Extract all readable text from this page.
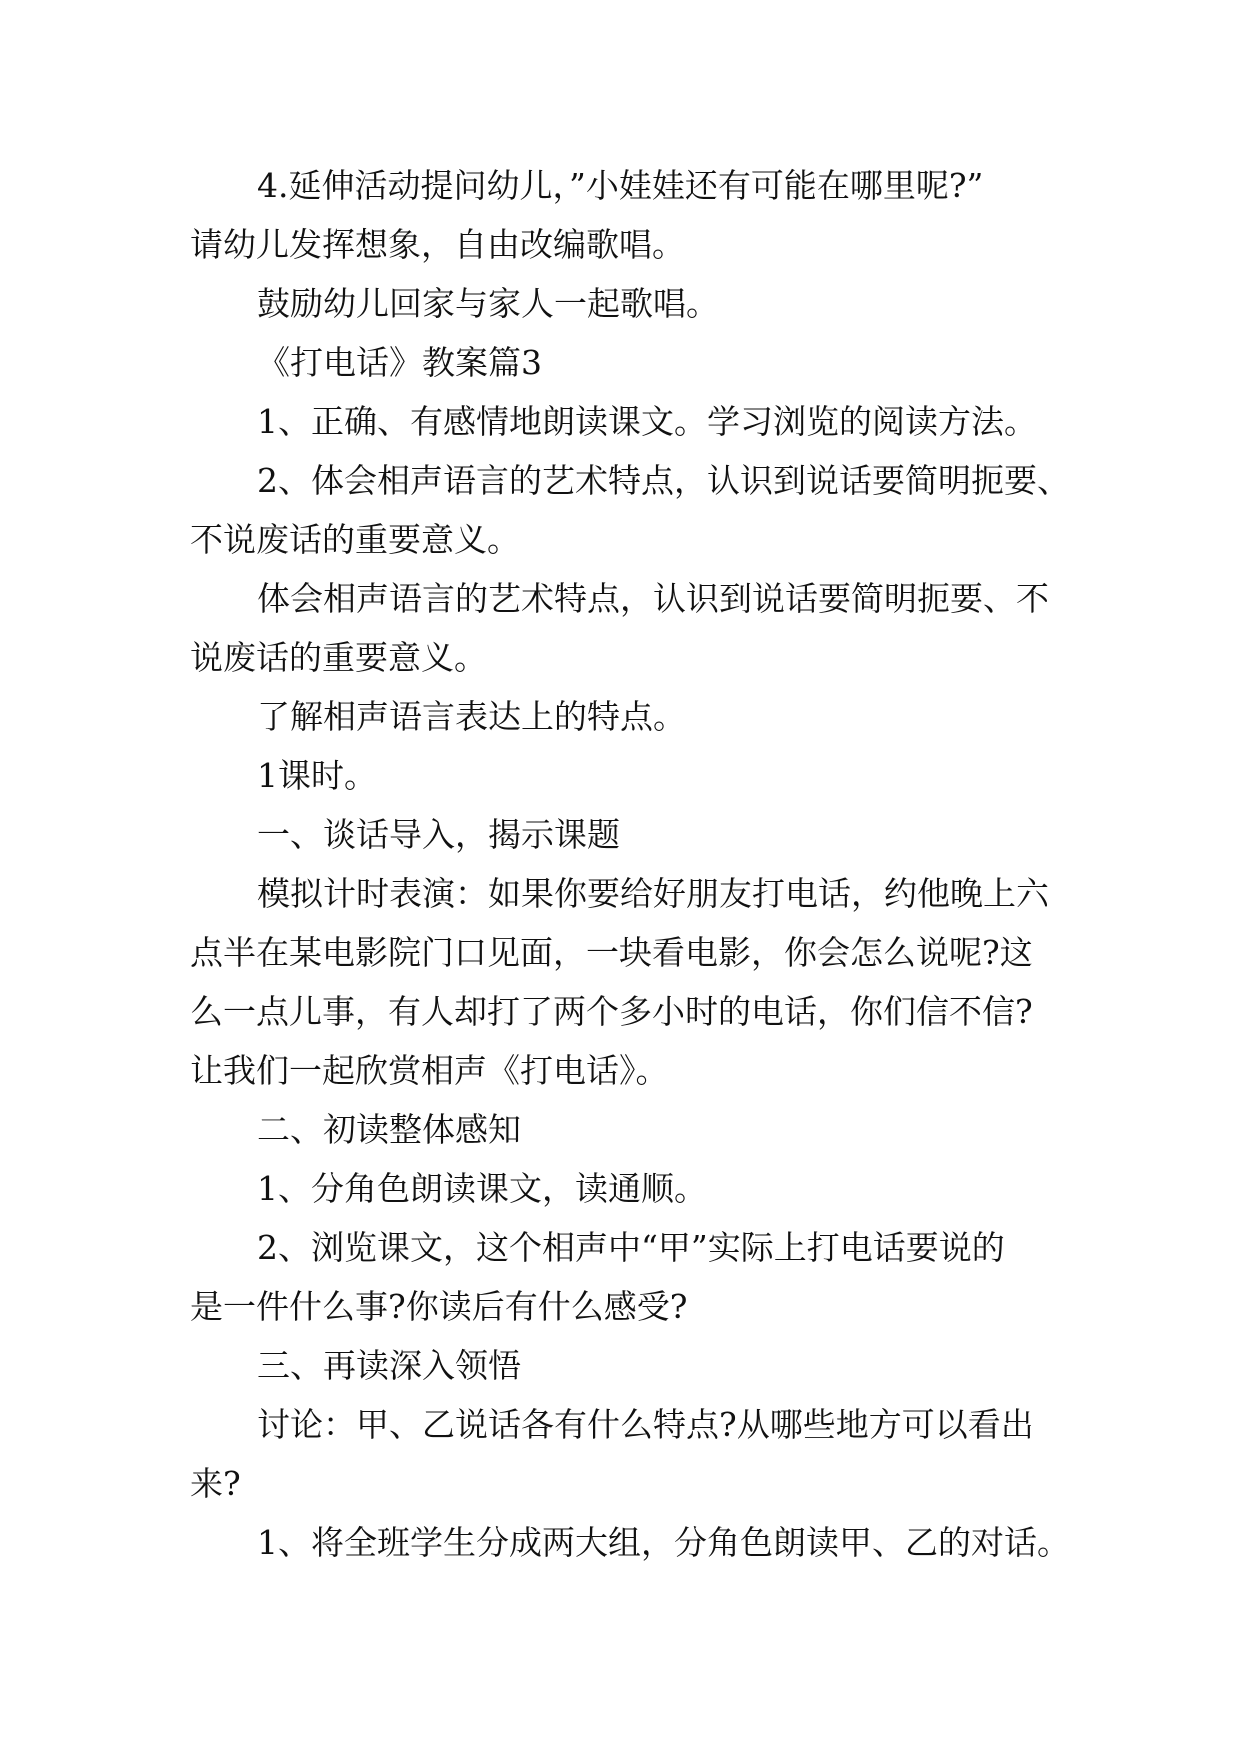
4.延伸活动提问幼儿，”小娃娃还有可能在哪里呢?”

请幼儿发挥想象，自由改编歌唱。

鼓励幼儿回家与家人一起歌唱。

《打电话》教案篇3

1、正确、有感情地朗读课文。学习浏览的阅读方法。

2、体会相声语言的艺术特点，认识到说话要简明扼要、

不说废话的重要意义。

体会相声语言的艺术特点，认识到说话要简明扼要、不

说废话的重要意义。

了解相声语言表达上的特点。

1课时。

一、谈话导入，揭示课题

模拟计时表演：如果你要给好朋友打电话，约他晚上六

点半在某电影院门口见面，一块看电影，你会怎么说呢?这

么一点儿事，有人却打了两个多小时的电话，你们信不信?

让我们一起欣赏相声《打电话》。

二、初读整体感知

1、分角色朗读课文，读通顺。

2、浏览课文，这个相声中“甲”实际上打电话要说的

是一件什么事?你读后有什么感受?

三、再读深入领悟

讨论：甲、乙说话各有什么特点?从哪些地方可以看出

来?

1、将全班学生分成两大组，分角色朗读甲、乙的对话。
